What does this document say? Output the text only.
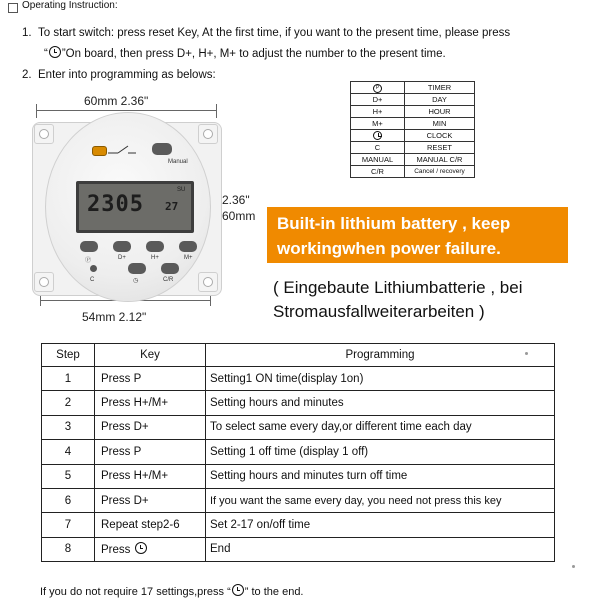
Operating Instruction:
1. To start switch: press reset Key, At the first time, if you want to the present time, please press
“ ”On board, then press D+, H+, M+ to adjust the number to the present time.
2. Enter into programming as belows:
60mm 2.36"
2.36"
60mm
54mm 2.12"
Manual
SU
2305 27
Ⓟ	D+	H+	M+
C	◷	C/R
P	TIMER
D+	DAY
H+	HOUR
M+	MIN
	CLOCK
C	RESET
MANUAL	MANUAL C/R
C/R	Cancel / recovery
Built-in lithium battery , keep
workingwhen power failure.
( Eingebaute Lithiumbatterie , bei
Stromausfallweiterarbeiten )
Step	Key	Programming
1	Press P	Setting1 ON time(display 1on)
2	Press H+/M+	Setting hours and minutes
3	Press D+	To select same every day,or different time each day
4	Press P	Setting 1 off time (display 1 off)
5	Press H+/M+	Setting hours and minutes turn off time
6	Press D+	If you want the same every day, you need not press this key
7	Repeat step2-6	Set 2-17 on/off time
8	Press	End
If you do not require 17 settings,press “ ” to the end.
